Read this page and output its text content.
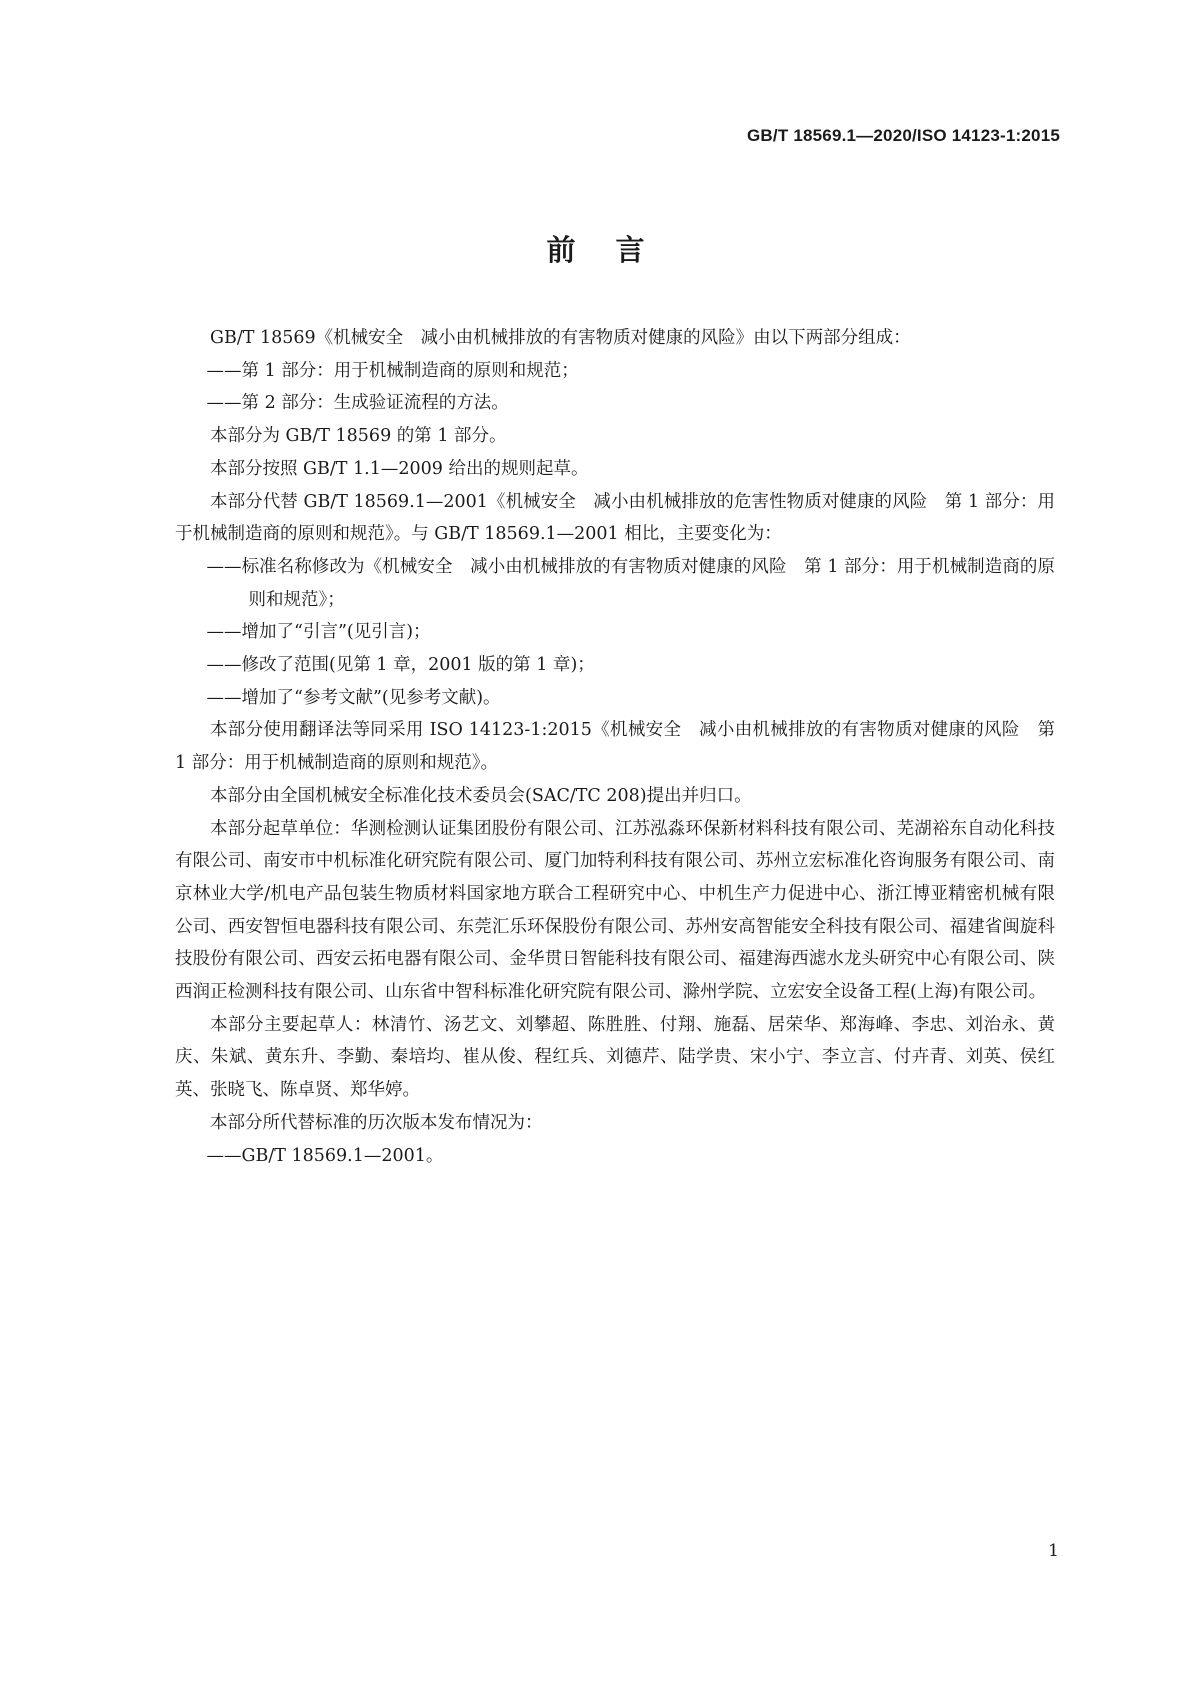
GB/T 18569.1—2020/ISO 14123-1:2015
前言

GB/T 18569《机械安全　减小由机械排放的有害物质对健康的风险》由以下两部分组成：

——第 1 部分：用于机械制造商的原则和规范；

——第 2 部分：生成验证流程的方法。

本部分为 GB/T 18569 的第 1 部分。

本部分按照 GB/T 1.1—2009 给出的规则起草。

本部分代替 GB/T 18569.1—2001《机械安全　减小由机械排放的危害性物质对健康的风险　第 1 部分：用于机械制造商的原则和规范》。与 GB/T 18569.1—2001 相比，主要变化为：

——标准名称修改为《机械安全　减小由机械排放的有害物质对健康的风险　第 1 部分：用于机械制造商的原则和规范》；

——增加了“引言”(见引言)；

——修改了范围(见第 1 章，2001 版的第 1 章)；

——增加了“参考文献”(见参考文献)。

本部分使用翻译法等同采用 ISO 14123-1:2015《机械安全　减小由机械排放的有害物质对健康的风险　第 1 部分：用于机械制造商的原则和规范》。

本部分由全国机械安全标准化技术委员会(SAC/TC 208)提出并归口。

本部分起草单位：华测检测认证集团股份有限公司、江苏泓淼环保新材料科技有限公司、芜湖裕东自动化科技有限公司、南安市中机标准化研究院有限公司、厦门加特利科技有限公司、苏州立宏标准化咨询服务有限公司、南京林业大学/机电产品包装生物质材料国家地方联合工程研究中心、中机生产力促进中心、浙江博亚精密机械有限公司、西安智恒电器科技有限公司、东莞汇乐环保股份有限公司、苏州安高智能安全科技有限公司、福建省闽旋科技股份有限公司、西安云拓电器有限公司、金华贯日智能科技有限公司、福建海西滤水龙头研究中心有限公司、陕西润正检测科技有限公司、山东省中智科标准化研究院有限公司、滁州学院、立宏安全设备工程(上海)有限公司。

本部分主要起草人：林清竹、汤艺文、刘攀超、陈胜胜、付翔、施磊、居荣华、郑海峰、李忠、刘治永、黄庆、朱斌、黄东升、李勤、秦培均、崔从俊、程红兵、刘德芹、陆学贵、宋小宁、李立言、付卉青、刘英、侯红英、张晓飞、陈卓贤、郑华婷。

本部分所代替标准的历次版本发布情况为：

——GB/T 18569.1—2001。

1
